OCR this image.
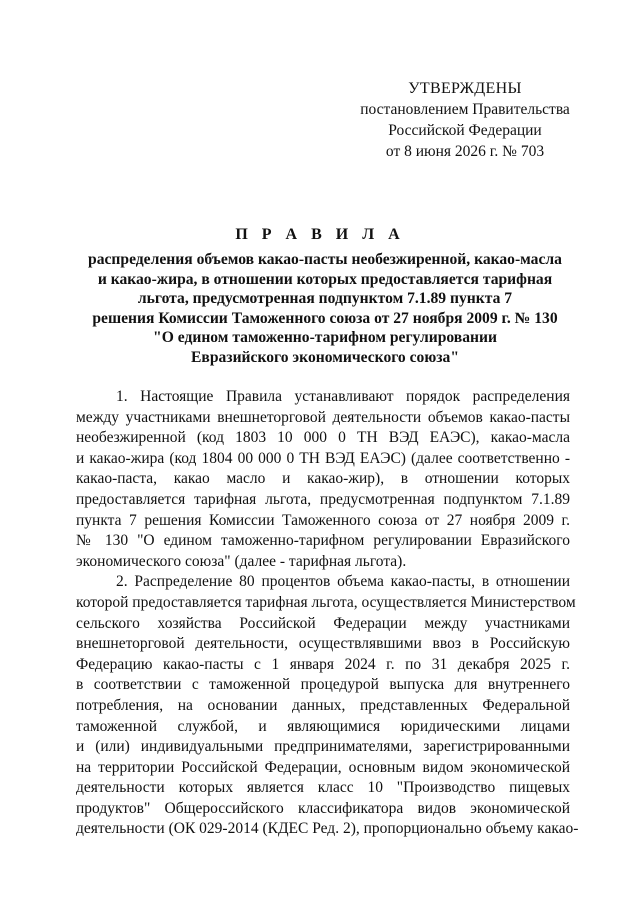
УТВЕРЖДЕНЫ
постановлением Правительства
Российской Федерации
от 8 июня 2026 г. № 703
П Р А В И Л А
распределения объемов какао-пасты необезжиренной, какао-масла
и какао-жира, в отношении которых предоставляется тарифная
льгота, предусмотренная подпунктом 7.1.89 пункта 7
решения Комиссии Таможенного союза от 27 ноября 2009 г. № 130
"О едином таможенно-тарифном регулировании
Евразийского экономического союза"
1. Настоящие Правила устанавливают порядок распределения
между участниками внешнеторговой деятельности объемов какао-пасты
необезжиренной (код 1803 10 000 0 ТН ВЭД ЕАЭС), какао-масла
и какао-жира (код 1804 00 000 0 ТН ВЭД ЕАЭС) (далее соответственно -
какао-паста, какао масло и какао-жир), в отношении которых
предоставляется тарифная льгота, предусмотренная подпунктом 7.1.89
пункта 7 решения Комиссии Таможенного союза от 27 ноября 2009 г.
№ 130 "О едином таможенно-тарифном регулировании Евразийского
экономического союза" (далее - тарифная льгота).
2. Распределение 80 процентов объема какао-пасты, в отношении
которой предоставляется тарифная льгота, осуществляется Министерством
сельского хозяйства Российской Федерации между участниками
внешнеторговой деятельности, осуществлявшими ввоз в Российскую
Федерацию какао-пасты с 1 января 2024 г. по 31 декабря 2025 г.
в соответствии с таможенной процедурой выпуска для внутреннего
потребления, на основании данных, представленных Федеральной
таможенной службой, и являющимися юридическими лицами
и (или) индивидуальными предпринимателями, зарегистрированными
на территории Российской Федерации, основным видом экономической
деятельности которых является класс 10 "Производство пищевых
продуктов" Общероссийского классификатора видов экономической
деятельности (ОК 029-2014 (КДЕС Ред. 2), пропорционально объему какао-
